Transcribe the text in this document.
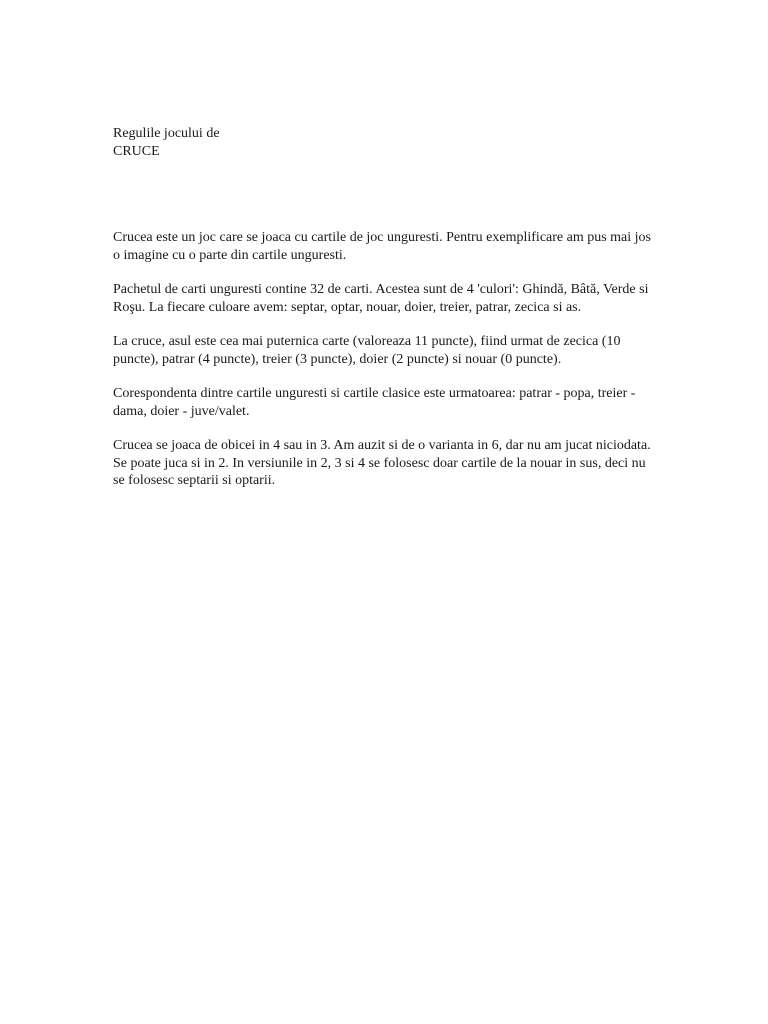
Regulile jocului de
CRUCE

Crucea este un joc care se joaca cu cartile de joc unguresti. Pentru exemplificare am pus mai jos o imagine cu o parte din cartile unguresti.

Pachetul de carti unguresti contine 32 de carti. Acestea sunt de 4 'culori': Ghindă, Bâtă, Verde si Roşu. La fiecare culoare avem: septar, optar, nouar, doier, treier, patrar, zecica si as.

La cruce, asul este cea mai puternica carte (valoreaza 11 puncte), fiind urmat de zecica (10 puncte), patrar (4 puncte), treier (3 puncte), doier (2 puncte) si nouar (0 puncte).

Corespondenta dintre cartile unguresti si cartile clasice este urmatoarea: patrar - popa, treier - dama, doier - juve/valet.

Crucea se joaca de obicei in 4 sau in 3. Am auzit si de o varianta in 6, dar nu am jucat niciodata. Se poate juca si in 2. In versiunile in 2, 3 si 4 se folosesc doar cartile de la nouar in sus, deci nu se folosesc septarii si optarii.
